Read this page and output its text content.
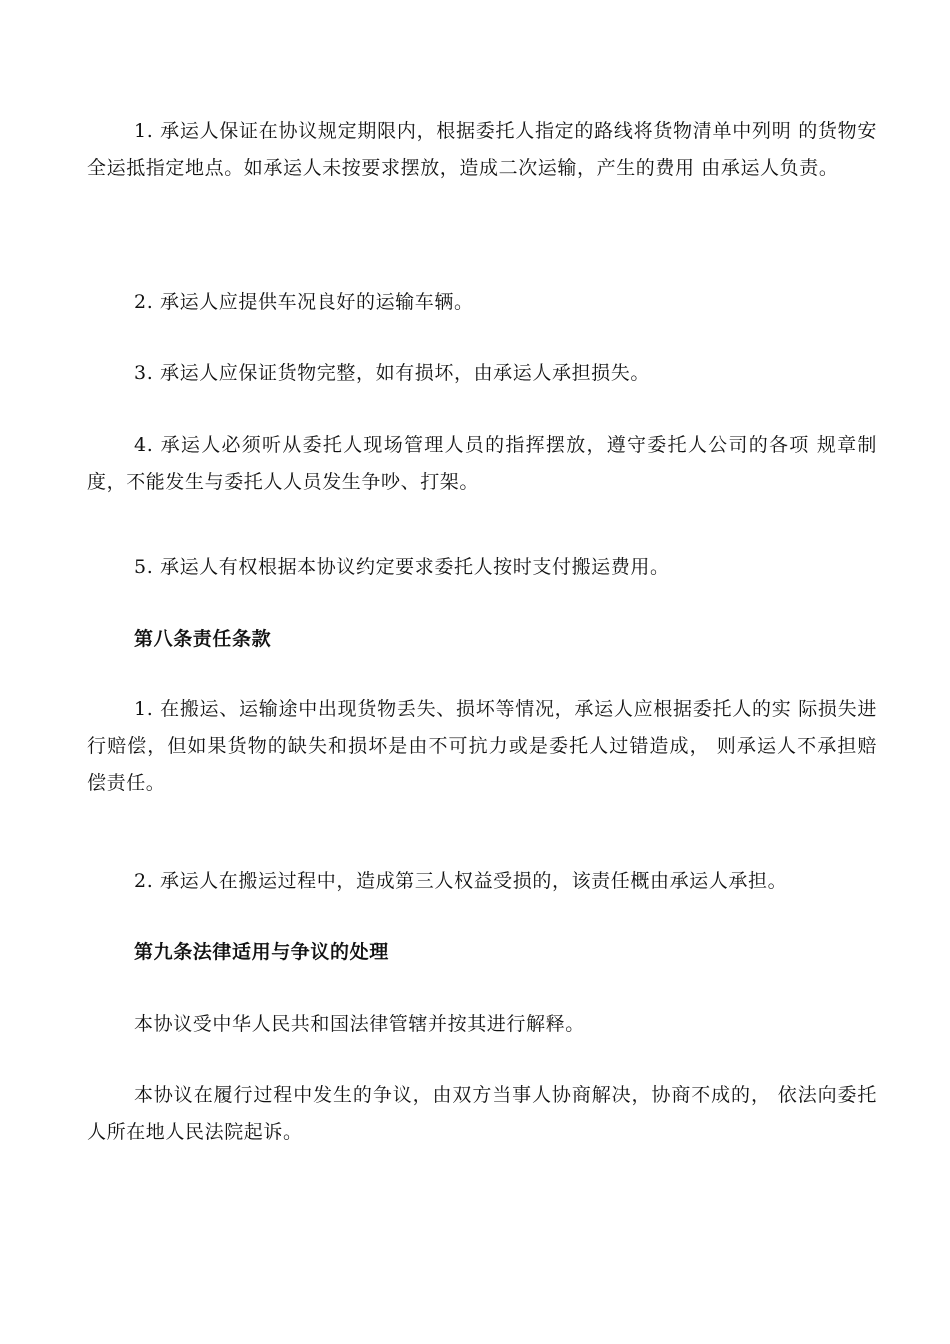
1. 承运人保证在协议规定期限内，根据委托人指定的路线将货物清单中列明 的货物安全运抵指定地点。如承运人未按要求摆放，造成二次运输，产生的费用 由承运人负责。
2. 承运人应提供车况良好的运输车辆。
3. 承运人应保证货物完整，如有损坏，由承运人承担损失。
4. 承运人必须听从委托人现场管理人员的指挥摆放，遵守委托人公司的各项 规章制度，不能发生与委托人人员发生争吵、打架。
5. 承运人有权根据本协议约定要求委托人按时支付搬运费用。
第八条责任条款
1. 在搬运、运输途中出现货物丢失、损坏等情况，承运人应根据委托人的实 际损失进行赔偿，但如果货物的缺失和损坏是由不可抗力或是委托人过错造成， 则承运人不承担赔偿责任。
2. 承运人在搬运过程中，造成第三人权益受损的，该责任概由承运人承担。
第九条法律适用与争议的处理
本协议受中华人民共和国法律管辖并按其进行解释。
本协议在履行过程中发生的争议，由双方当事人协商解决，协商不成的， 依法向委托人所在地人民法院起诉。
